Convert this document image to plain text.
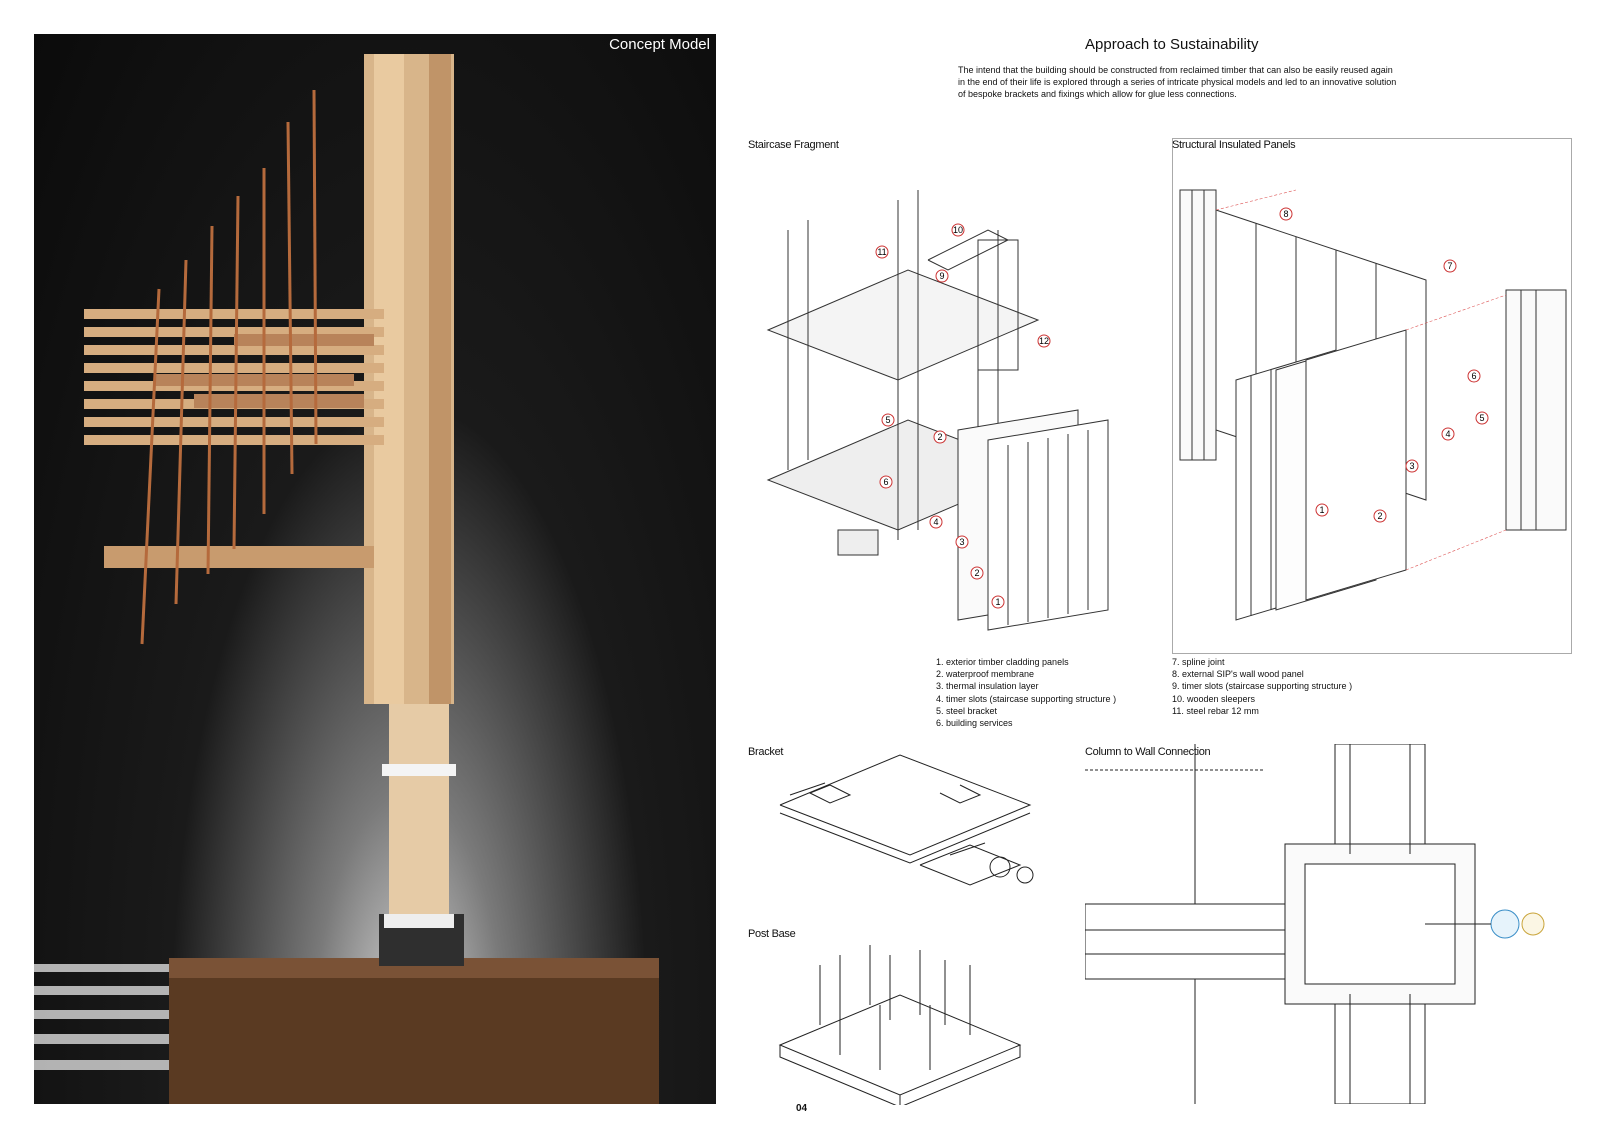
Concept Model	Approach to Sustainability
The intend that the building should be constructed from reclaimed timber that can also be easily reused again in the end of their life is explored through a series of intricate physical models and led to an innovative solution of bespoke brackets and fixings which allow for glue less connections.
Staircase Fragment	Structural Insulated Panels
Bracket
Post Base
Column to Wall Connection
10
11
9
12
5
2
6
4
3
2
1
8
7
6
5
4
3
2
1
1. exterior timber cladding panels
2. waterproof membrane
3. thermal insulation layer
4. timer slots (staircase supporting structure )
5. steel bracket
6. building services
7. spline joint
8. external SIP's wall wood panel
9. timer slots (staircase supporting structure )
10. wooden sleepers
11. steel rebar 12 mm
04
